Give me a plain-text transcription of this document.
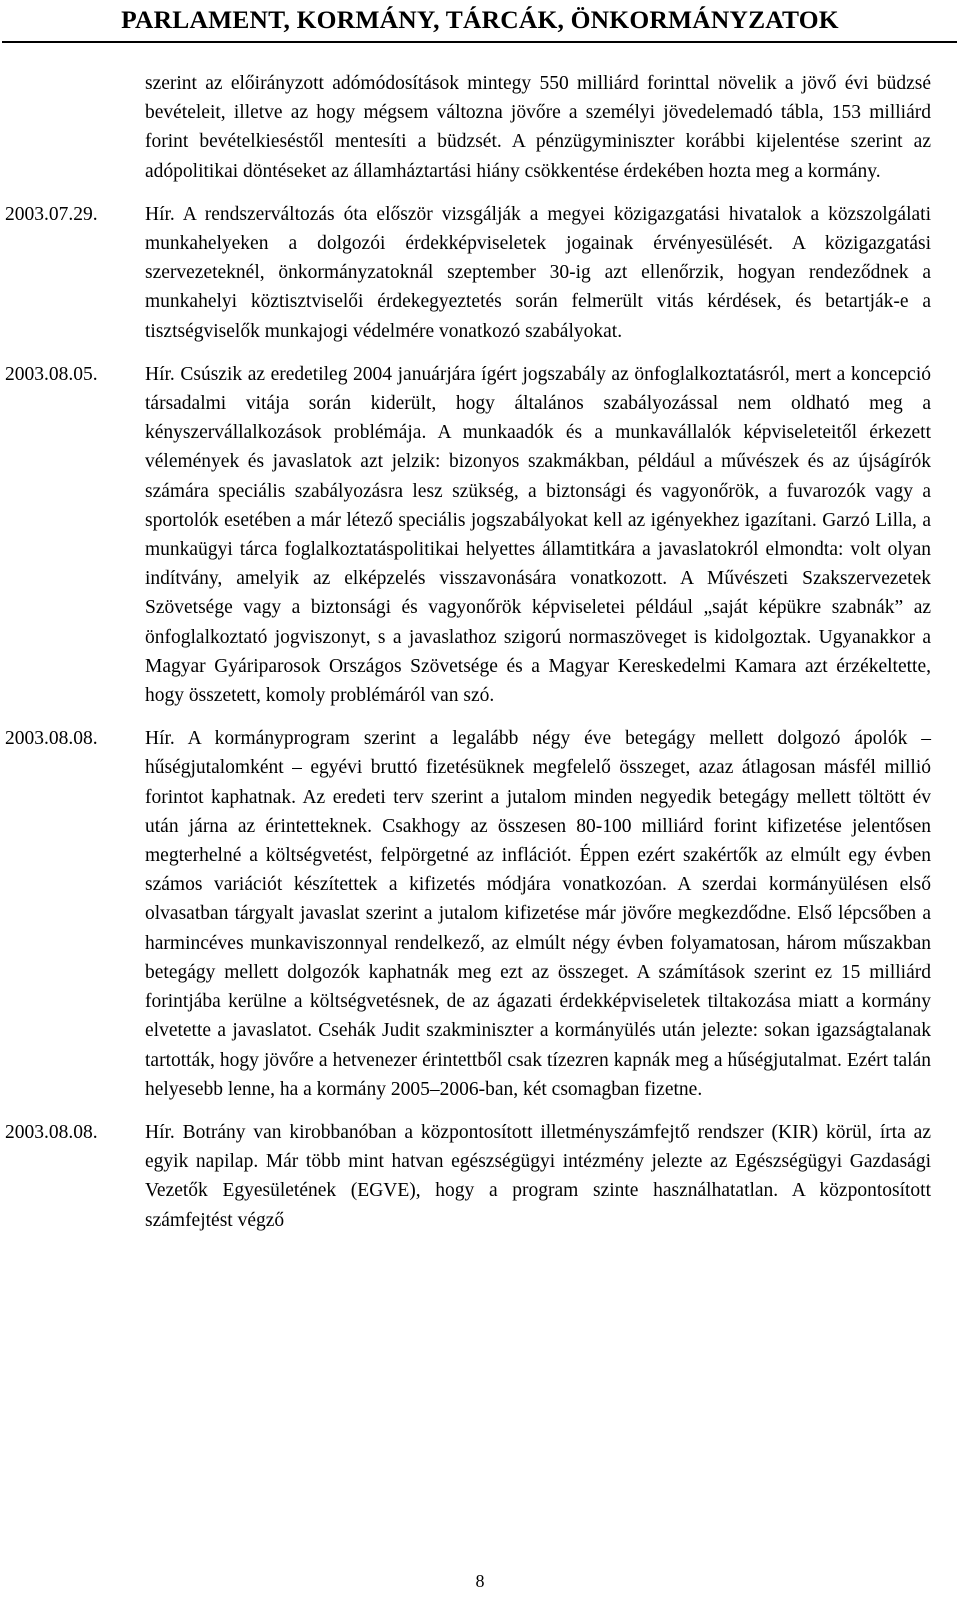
PARLAMENT, KORMÁNY, TÁRCÁK, ÖNKORMÁNYZATOK
szerint az előirányzott adómódosítások mintegy 550 milliárd forinttal növelik a jövő évi büdzsé bevételeit, illetve az hogy mégsem változna jövőre a személyi jövedelemadó tábla, 153 milliárd forint bevételkieséstől mentesíti a büdzsét. A pénzügyminiszter korábbi kijelentése szerint az adópolitikai döntéseket az államháztartási hiány csökkentése érdekében hozta meg a kormány.
2003.07.29.	Hír. A rendszerváltozás óta először vizsgálják a megyei közigazgatási hivatalok a közszolgálati munkahelyeken a dolgozói érdekképviseletek jogainak érvényesülését. A közigazgatási szervezeteknél, önkormányzatoknál szeptember 30-ig azt ellenőrzik, hogyan rendeződnek a munkahelyi köztisztviselői érdekegyeztetés során felmerült vitás kérdések, és betartják-e a tisztségviselők munkajogi védelmére vonatkozó szabályokat.
2003.08.05.	Hír. Csúszik az eredetileg 2004 januárjára ígért jogszabály az önfoglalkoztatásról, mert a koncepció társadalmi vitája során kiderült, hogy általános szabályozással nem oldható meg a kényszervállalkozások problémája. A munkaadók és a munkavállalók képviseleteitől érkezett vélemények és javaslatok azt jelzik: bizonyos szakmákban, például a művészek és az újságírók számára speciális szabályozásra lesz szükség, a biztonsági és vagyonőrök, a fuvarozók vagy a sportolók esetében a már létező speciális jogszabályokat kell az igényekhez igazítani. Garzó Lilla, a munkaügyi tárca foglalkoztatáspolitikai helyettes államtitkára a javaslatokról elmondta: volt olyan indítvány, amelyik az elképzelés visszavonására vonatkozott. A Művészeti Szakszervezetek Szövetsége vagy a biztonsági és vagyonőrök képviseletei például „saját képükre szabnák” az önfoglalkoztató jogviszonyt, s a javaslathoz szigorú normaszöveget is kidolgoztak. Ugyanakkor a Magyar Gyáriparosok Országos Szövetsége és a Magyar Kereskedelmi Kamara azt érzékeltette, hogy összetett, komoly problémáról van szó.
2003.08.08.	Hír. A kormányprogram szerint a legalább négy éve betegágy mellett dolgozó ápolók – hűségjutalomként – egyévi bruttó fizetésüknek megfelelő összeget, azaz átlagosan másfél millió forintot kaphatnak. Az eredeti terv szerint a jutalom minden negyedik betegágy mellett töltött év után járna az érintetteknek. Csakhogy az összesen 80-100 milliárd forint kifizetése jelentősen megterhelné a költségvetést, felpörgetné az inflációt. Éppen ezért szakértők az elmúlt egy évben számos variációt készítettek a kifizetés módjára vonatkozóan. A szerdai kormányülésen első olvasatban tárgyalt javaslat szerint a jutalom kifizetése már jövőre megkezdődne. Első lépcsőben a harmincéves munkaviszonnyal rendelkező, az elmúlt négy évben folyamatosan, három műszakban betegágy mellett dolgozók kaphatnák meg ezt az összeget. A számítások szerint ez 15 milliárd forintjába kerülne a költségvetésnek, de az ágazati érdekképviseletek tiltakozása miatt a kormány elvetette a javaslatot. Csehák Judit szakminiszter a kormányülés után jelezte: sokan igazságtalanak tartották, hogy jövőre a hetvenezer érintettből csak tízezren kapnák meg a hűségjutalmat. Ezért talán helyesebb lenne, ha a kormány 2005–2006-ban, két csomagban fizetne.
2003.08.08.	Hír. Botrány van kirobbanóban a központosított illetményszámfejtő rendszer (KIR) körül, írta az egyik napilap. Már több mint hatvan egészségügyi intézmény jelezte az Egészségügyi Gazdasági Vezetők Egyesületének (EGVE), hogy a program szinte használhatatlan. A központosított számfejtést végző
8
